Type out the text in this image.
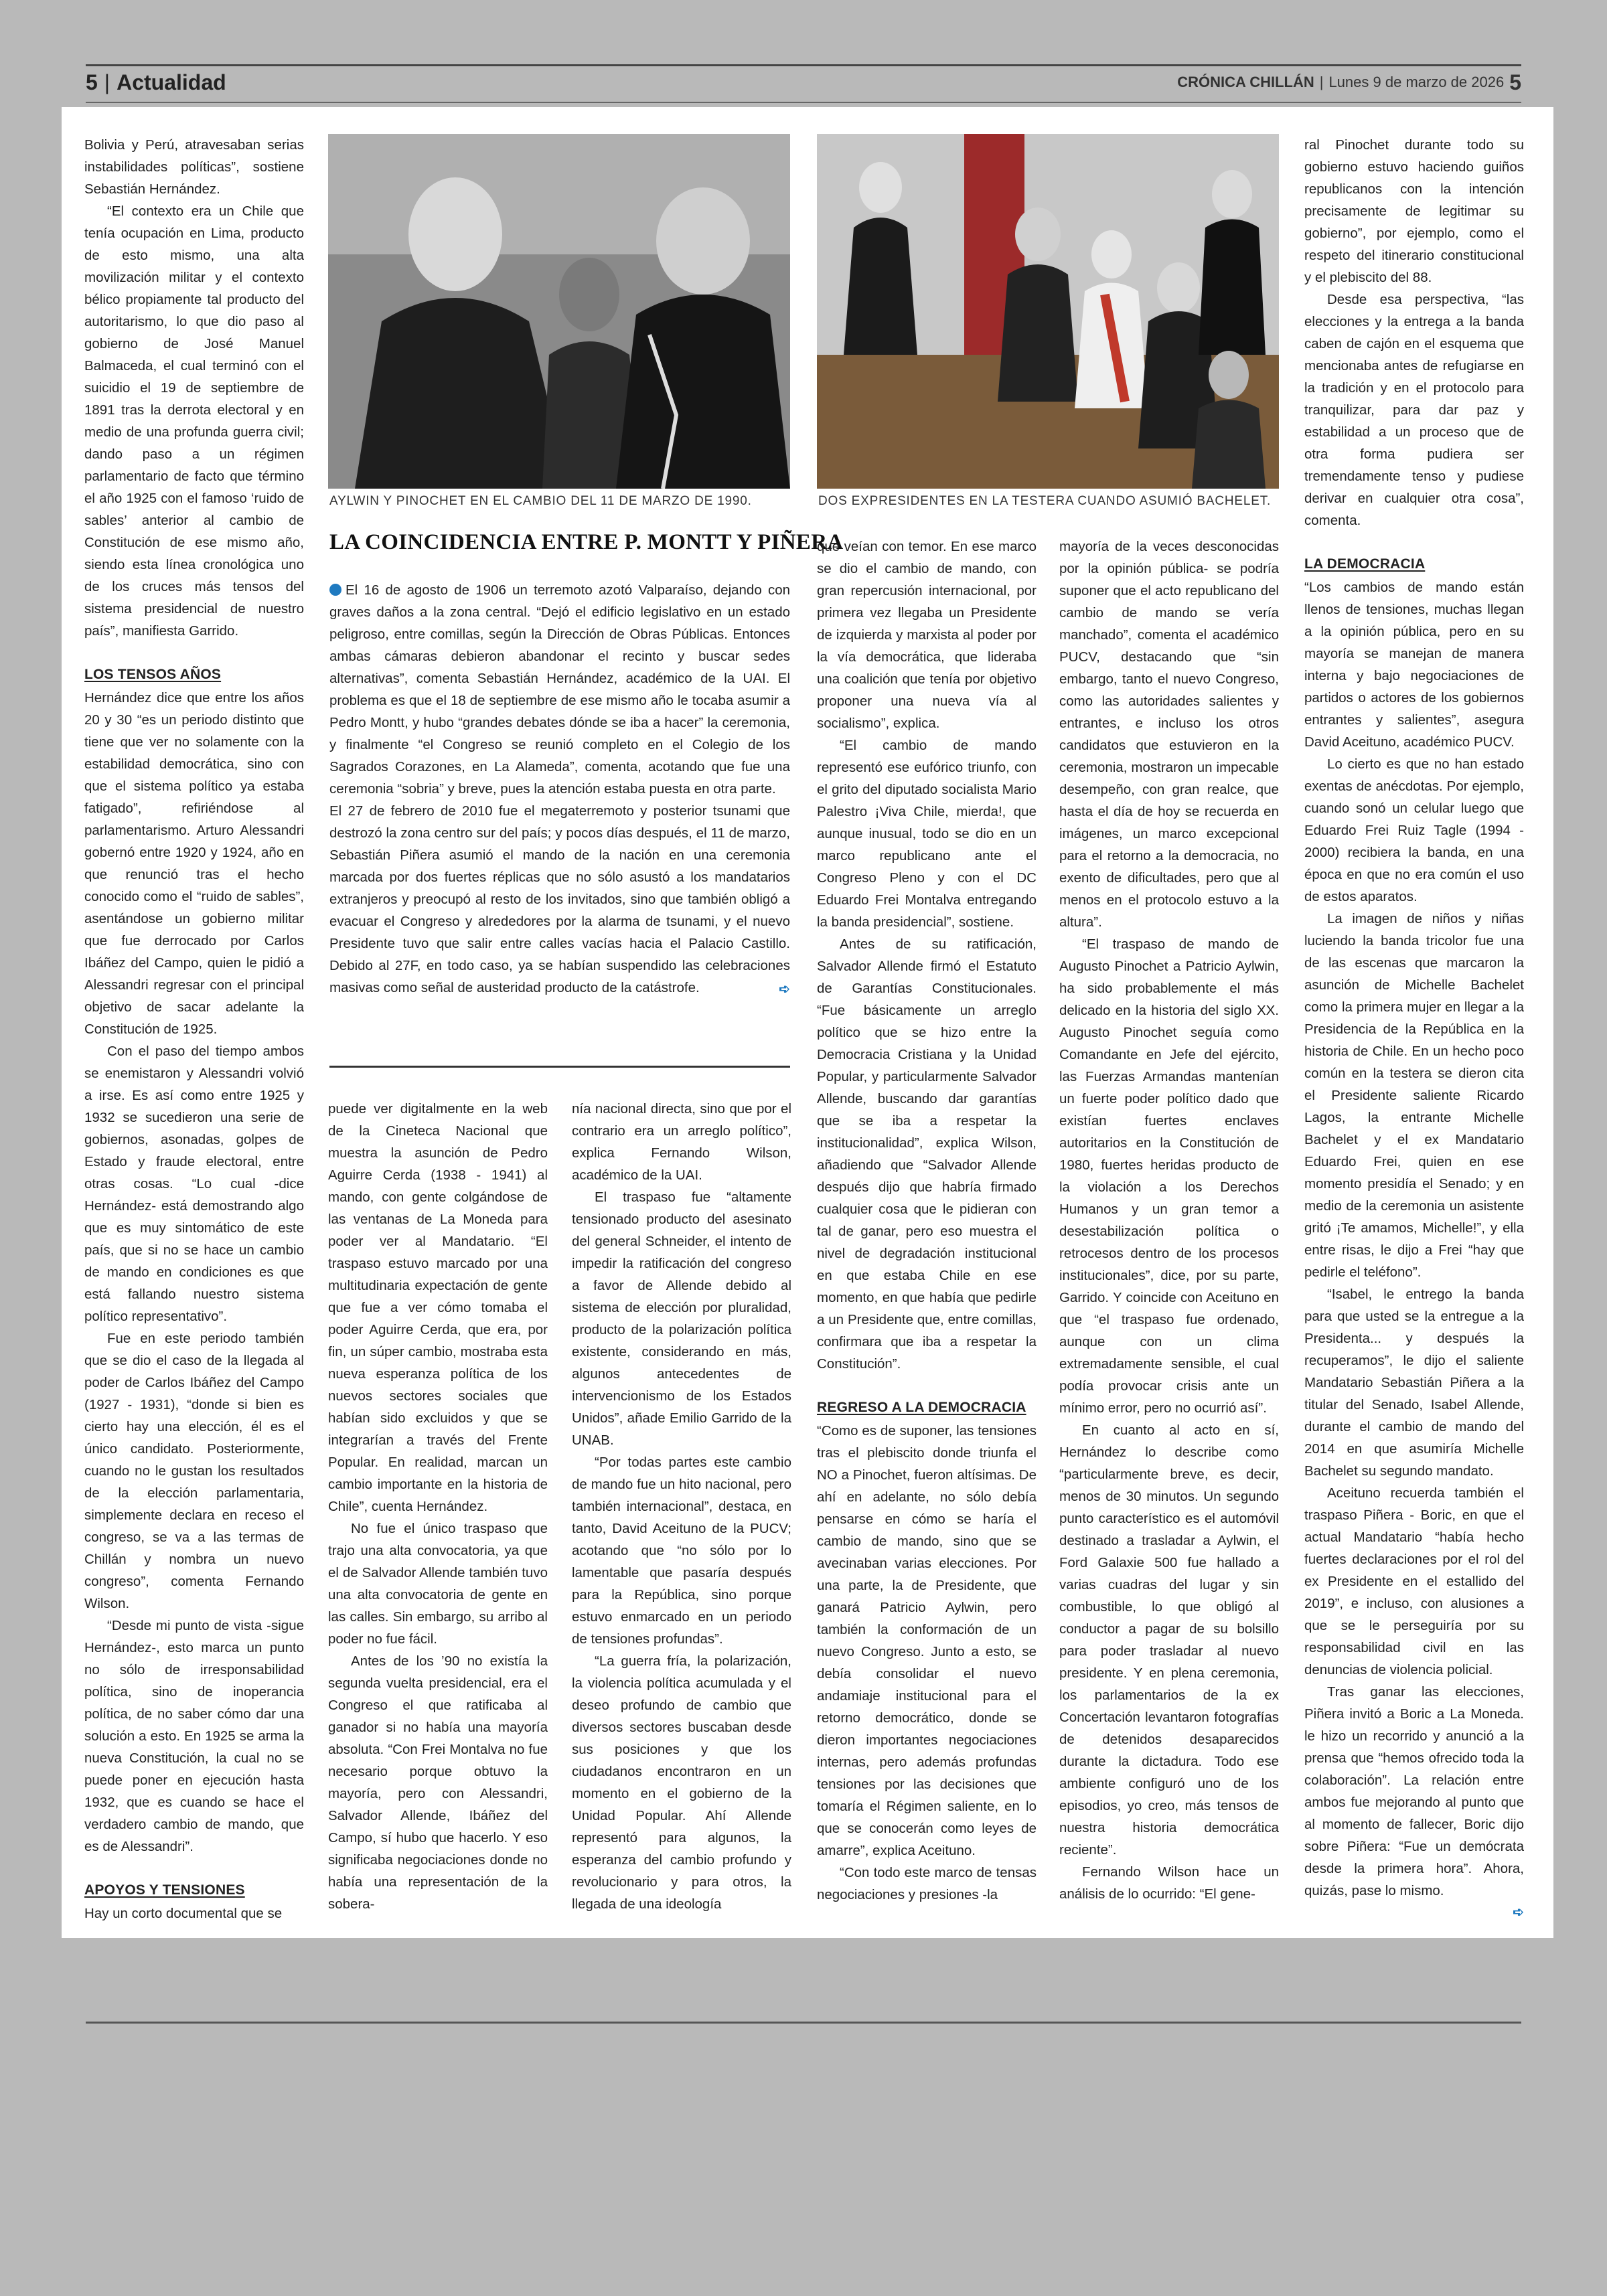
5 | Actualidad	CRÓNICA CHILLÁN | Lunes 9 de marzo de 2026 5

Bolivia y Perú, atravesaban serias instabilidades políticas”, sostiene Sebastián Hernández.

“El contexto era un Chile que tenía ocupación en Lima, producto de esto mismo, una alta movilización militar y el contexto bélico propiamente tal producto del autoritarismo, lo que dio paso al gobierno de José Manuel Balmaceda, el cual terminó con el suicidio el 19 de septiembre de 1891 tras la derrota electoral y en medio de una profunda guerra civil; dando paso a un régimen parlamentario de facto que término el año 1925 con el famoso ‘ruido de sables’ anterior al cambio de Constitución de ese mismo año, siendo esta línea cronológica uno de los cruces más tensos del sistema presidencial de nuestro país”, manifiesta Garrido.

LOS TENSOS AÑOS

Hernández dice que entre los años 20 y 30 “es un periodo distinto que tiene que ver no solamente con la estabilidad democrática, sino con que el sistema político ya estaba fatigado”, refiriéndose al parlamentarismo. Arturo Alessandri gobernó entre 1920 y 1924, año en que renunció tras el hecho conocido como el “ruido de sables”, asentándose un gobierno militar que fue derrocado por Carlos Ibáñez del Campo, quien le pidió a Alessandri regresar con el principal objetivo de sacar adelante la Constitución de 1925.

Con el paso del tiempo ambos se enemistaron y Alessandri volvió a irse. Es así como entre 1925 y 1932 se sucedieron una serie de gobiernos, asonadas, golpes de Estado y fraude electoral, entre otras cosas. “Lo cual -dice Hernández- está demostrando algo que es muy sintomático de este país, que si no se hace un cambio de mando en condiciones es que está fallando nuestro sistema político representativo”.

Fue en este periodo también que se dio el caso de la llegada al poder de Carlos Ibáñez del Campo (1927 - 1931), “donde si bien es cierto hay una elección, él es el único candidato. Posteriormente, cuando no le gustan los resultados de la elección parlamentaria, simplemente declara en receso el congreso, se va a las termas de Chillán y nombra un nuevo congreso”, comenta Fernando Wilson.

“Desde mi punto de vista -sigue Hernández-, esto marca un punto no sólo de irresponsabilidad política, sino de inoperancia política, de no saber cómo dar una solución a esto. En 1925 se arma la nueva Constitución, la cual no se puede poner en ejecución hasta 1932, que es cuando se hace el verdadero cambio de mando, que es de Alessandri”.

APOYOS Y TENSIONES

Hay un corto documental que se

AYLWIN Y PINOCHET EN EL CAMBIO DEL 11 DE MARZO DE 1990.	DOS EXPRESIDENTES EN LA TESTERA CUANDO ASUMIÓ BACHELET.
LA COINCIDENCIA ENTRE P. MONTT Y PIÑERA

El 16 de agosto de 1906 un terremoto azotó Valparaíso, dejando con graves daños a la zona central. “Dejó el edificio legislativo en un estado peligroso, entre comillas, según la Dirección de Obras Públicas. Entonces ambas cámaras debieron abandonar el recinto y buscar sedes alternativas”, comenta Sebastián Hernández, académico de la UAI. El problema es que el 18 de septiembre de ese mismo año le tocaba asumir a Pedro Montt, y hubo “grandes debates dónde se iba a hacer” la ceremonia, y finalmente “el Congreso se reunió completo en el Colegio de los Sagrados Corazones, en La Alameda”, comenta, acotando que fue una ceremonia “sobria” y breve, pues la atención estaba puesta en otra parte.

El 27 de febrero de 2010 fue el megaterremoto y posterior tsunami que destrozó la zona centro sur del país; y pocos días después, el 11 de marzo, Sebastián Piñera asumió el mando de la nación en una ceremonia marcada por dos fuertes réplicas que no sólo asustó a los mandatarios extranjeros y preocupó al resto de los invitados, sino que también obligó a evacuar el Congreso y alrededores por la alarma de tsunami, y el nuevo Presidente tuvo que salir entre calles vacías hacia el Palacio Castillo. Debido al 27F, en todo caso, ya se habían suspendido las celebraciones masivas como señal de austeridad producto de la catástrofe.	➪

puede ver digitalmente en la web de la Cineteca Nacional que muestra la asunción de Pedro Aguirre Cerda (1938 - 1941) al mando, con gente colgándose de las ventanas de La Moneda para poder ver al Mandatario. “El traspaso estuvo marcado por una multitudinaria expectación de gente que fue a ver cómo tomaba el poder Aguirre Cerda, que era, por fin, un súper cambio, mostraba esta nueva esperanza política de los nuevos sectores sociales que habían sido excluidos y que se integrarían a través del Frente Popular. En realidad, marcan un cambio importante en la historia de Chile”, cuenta Hernández.

No fue el único traspaso que trajo una alta convocatoria, ya que el de Salvador Allende también tuvo una alta convocatoria de gente en las calles. Sin embargo, su arribo al poder no fue fácil.

Antes de los ’90 no existía la segunda vuelta presidencial, era el Congreso el que ratificaba al ganador si no había una mayoría absoluta. “Con Frei Montalva no fue necesario porque obtuvo la mayoría, pero con Alessandri, Salvador Allende, Ibáñez del Campo, sí hubo que hacerlo. Y eso significaba negociaciones donde no había una representación de la sobera-

nía nacional directa, sino que por el contrario era un arreglo político”, explica Fernando Wilson, académico de la UAI.

El traspaso fue “altamente tensionado producto del asesinato del general Schneider, el intento de impedir la ratificación del congreso a favor de Allende debido al sistema de elección por pluralidad, producto de la polarización política existente, considerando en más, algunos antecedentes de intervencionismo de los Estados Unidos”, añade Emilio Garrido de la UNAB.

“Por todas partes este cambio de mando fue un hito nacional, pero también internacional”, destaca, en tanto, David Aceituno de la PUCV; acotando que “no sólo por lo lamentable que pasaría después para la República, sino porque estuvo enmarcado en un periodo de tensiones profundas”.

“La guerra fría, la polarización, la violencia política acumulada y el deseo profundo de cambio que diversos sectores buscaban desde sus posiciones y que los ciudadanos encontraron en un momento en el gobierno de la Unidad Popular. Ahí Allende representó para algunos, la esperanza del cambio profundo y revolucionario y para otros, la llegada de una ideología

que veían con temor. En ese marco se dio el cambio de mando, con gran repercusión internacional, por primera vez llegaba un Presidente de izquierda y marxista al poder por la vía democrática, que lideraba una coalición que tenía por objetivo proponer una nueva vía al socialismo”, explica.

“El cambio de mando representó ese eufórico triunfo, con el grito del diputado socialista Mario Palestro ¡Viva Chile, mierda!, que aunque inusual, todo se dio en un marco republicano ante el Congreso Pleno y con el DC Eduardo Frei Montalva entregando la banda presidencial”, sostiene.

Antes de su ratificación, Salvador Allende firmó el Estatuto de Garantías Constitucionales. “Fue básicamente un arreglo político que se hizo entre la Democracia Cristiana y la Unidad Popular, y particularmente Salvador Allende, buscando dar garantías que se iba a respetar la institucionalidad”, explica Wilson, añadiendo que “Salvador Allende después dijo que habría firmado cualquier cosa que le pidieran con tal de ganar, pero eso muestra el nivel de degradación institucional en que estaba Chile en ese momento, en que había que pedirle a un Presidente que, entre comillas, confirmara que iba a respetar la Constitución”.

REGRESO A LA DEMOCRACIA

“Como es de suponer, las tensiones tras el plebiscito donde triunfa el NO a Pinochet, fueron altísimas. De ahí en adelante, no sólo debía pensarse en cómo se haría el cambio de mando, sino que se avecinaban varias elecciones. Por una parte, la de Presidente, que ganará Patricio Aylwin, pero también la conformación de un nuevo Congreso. Junto a esto, se debía consolidar el nuevo andamiaje institucional para el retorno democrático, donde se dieron importantes negociaciones internas, pero además profundas tensiones por las decisiones que tomaría el Régimen saliente, en lo que se conocerán como leyes de amarre”, explica Aceituno.

“Con todo este marco de tensas negociaciones y presiones -la

mayoría de la veces desconocidas por la opinión pública- se podría suponer que el acto republicano del cambio de mando se vería manchado”, comenta el académico PUCV, destacando que “sin embargo, tanto el nuevo Congreso, como las autoridades salientes y entrantes, e incluso los otros candidatos que estuvieron en la ceremonia, mostraron un impecable desempeño, con gran realce, que hasta el día de hoy se recuerda en imágenes, un marco excepcional para el retorno a la democracia, no exento de dificultades, pero que al menos en el protocolo estuvo a la altura”.

“El traspaso de mando de Augusto Pinochet a Patricio Aylwin, ha sido probablemente el más delicado en la historia del siglo XX. Augusto Pinochet seguía como Comandante en Jefe del ejército, las Fuerzas Armandas mantenían un fuerte poder político dado que existían fuertes enclaves autoritarios en la Constitución de 1980, fuertes heridas producto de la violación a los Derechos Humanos y un gran temor a desestabilización política o retrocesos dentro de los procesos institucionales”, dice, por su parte, Garrido. Y coincide con Aceituno en que “el traspaso fue ordenado, aunque con un clima extremadamente sensible, el cual podía provocar crisis ante un mínimo error, pero no ocurrió así”.

En cuanto al acto en sí, Hernández lo describe como “particularmente breve, es decir, menos de 30 minutos. Un segundo punto característico es el automóvil destinado a trasladar a Aylwin, el Ford Galaxie 500 fue hallado a varias cuadras del lugar y sin combustible, lo que obligó al conductor a pagar de su bolsillo para poder trasladar al nuevo presidente. Y en plena ceremonia, los parlamentarios de la ex Concertación levantaron fotografías de detenidos desaparecidos durante la dictadura. Todo ese ambiente configuró uno de los episodios, yo creo, más tensos de nuestra historia democrática reciente”.

Fernando Wilson hace un análisis de lo ocurrido: “El gene-

ral Pinochet durante todo su gobierno estuvo haciendo guiños republicanos con la intención precisamente de legitimar su gobierno”, por ejemplo, como el respeto del itinerario constitucional y el plebiscito del 88.

Desde esa perspectiva, “las elecciones y la entrega a la banda caben de cajón en el esquema que mencionaba antes de refugiarse en la tradición y en el protocolo para tranquilizar, para dar paz y estabilidad a un proceso que de otra forma pudiera ser tremendamente tenso y pudiese derivar en cualquier otra cosa”, comenta.

LA DEMOCRACIA

“Los cambios de mando están llenos de tensiones, muchas llegan a la opinión pública, pero en su mayoría se manejan de manera interna y bajo negociaciones de partidos o actores de los gobiernos entrantes y salientes”, asegura David Aceituno, académico PUCV.

Lo cierto es que no han estado exentas de anécdotas. Por ejemplo, cuando sonó un celular luego que Eduardo Frei Ruiz Tagle (1994 - 2000) recibiera la banda, en una época en que no era común el uso de estos aparatos.

La imagen de niños y niñas luciendo la banda tricolor fue una de las escenas que marcaron la asunción de Michelle Bachelet como la primera mujer en llegar a la Presidencia de la República en la historia de Chile. En un hecho poco común en la testera se dieron cita el Presidente saliente Ricardo Lagos, la entrante Michelle Bachelet y el ex Mandatario Eduardo Frei, quien en ese momento presidía el Senado; y en medio de la ceremonia un asistente gritó ¡Te amamos, Michelle!”, y ella entre risas, le dijo a Frei “hay que pedirle el teléfono”.

“Isabel, le entrego la banda para que usted se la entregue a la Presidenta... y después la recuperamos”, le dijo el saliente Mandatario Sebastián Piñera a la titular del Senado, Isabel Allende, durante el cambio de mando del 2014 en que asumiría Michelle Bachelet su segundo mandato.

Aceituno recuerda también el traspaso Piñera - Boric, en que el actual Mandatario “había hecho fuertes declaraciones por el rol del ex Presidente en el estallido del 2019”, e incluso, con alusiones a que se le perseguiría por su responsabilidad civil en las denuncias de violencia policial.

Tras ganar las elecciones, Piñera invitó a Boric a La Moneda. le hizo un recorrido y anunció a la prensa que “hemos ofrecido toda la colaboración”. La relación entre ambos fue mejorando al punto que al momento de fallecer, Boric dijo sobre Piñera: “Fue un demócrata desde la primera hora”. Ahora, quizás, pase lo mismo.

➪
